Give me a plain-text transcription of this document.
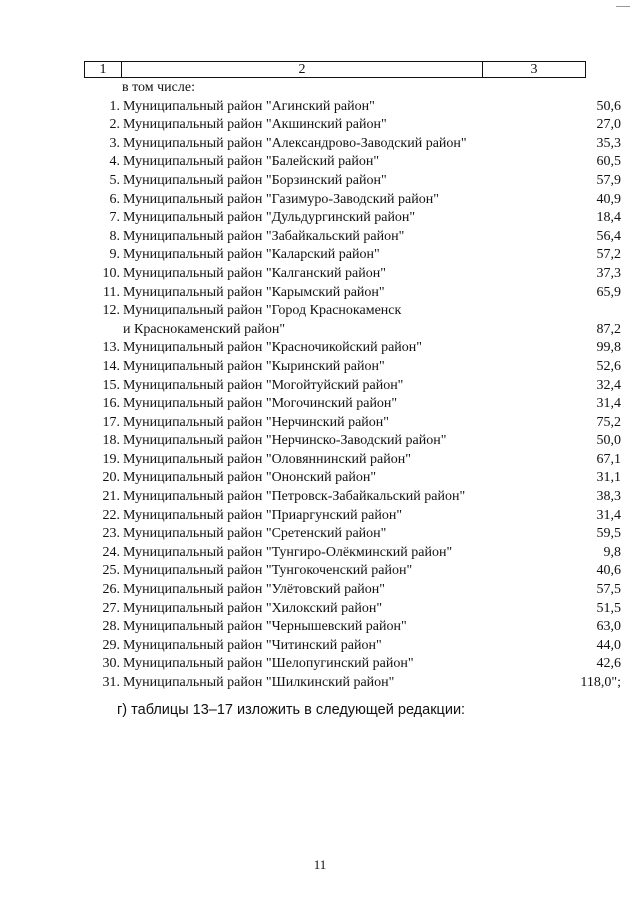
1	2	3
в том числе:
1. Муниципальный район "Агинский район"	50,6
2. Муниципальный район "Акшинский район"	27,0
3. Муниципальный район "Александрово-Заводский район"	35,3
4. Муниципальный район "Балейский район"	60,5
5. Муниципальный район "Борзинский район"	57,9
6. Муниципальный район "Газимуро-Заводский район"	40,9
7. Муниципальный район "Дульдургинский район"	18,4
8. Муниципальный район "Забайкальский район"	56,4
9. Муниципальный район "Каларский район"	57,2
10. Муниципальный район "Калганский район"	37,3
11. Муниципальный район "Карымский район"	65,9
12. Муниципальный район "Город Краснокаменск
и Краснокаменский район"	87,2
13. Муниципальный район "Красночикойский район"	99,8
14. Муниципальный район "Кыринский район"	52,6
15. Муниципальный район "Могойтуйский район"	32,4
16. Муниципальный район "Могочинский район"	31,4
17. Муниципальный район "Нерчинский район"	75,2
18. Муниципальный район "Нерчинско-Заводский район"	50,0
19. Муниципальный район "Оловяннинский район"	67,1
20. Муниципальный район "Ононский район"	31,1
21. Муниципальный район "Петровск-Забайкальский район"	38,3
22. Муниципальный район "Приаргунский район"	31,4
23. Муниципальный район "Сретенский район"	59,5
24. Муниципальный район "Тунгиро-Олёкминский район"	9,8
25. Муниципальный район "Тунгокоченский район"	40,6
26. Муниципальный район "Улётовский район"	57,5
27. Муниципальный район "Хилокский район"	51,5
28. Муниципальный район "Чернышевский район"	63,0
29. Муниципальный район "Читинский район"	44,0
30. Муниципальный район "Шелопугинский район"	42,6
31. Муниципальный район "Шилкинский район"	118,0";
г) таблицы 13–17 изложить в следующей редакции:
11
